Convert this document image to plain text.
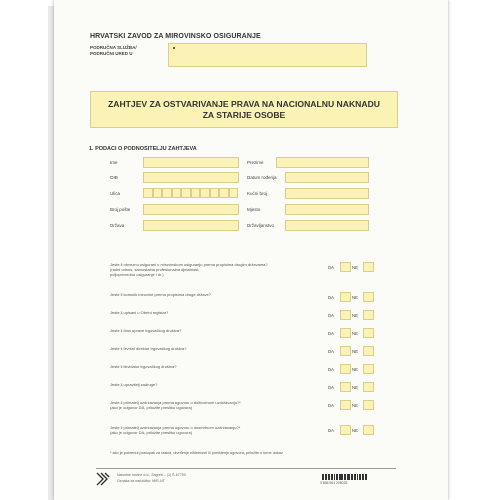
HRVATSKI ZAVOD ZA MIROVINSKO OSIGURANJE
PODRUČNA SLUŽBA/
PODRUČNI URED U
ZAHTJEV ZA OSTVARIVANJE PRAVA NA NACIONALNU NAKNADU
ZA STARIJE OSOBE
1. PODACI O PODNOSITELJU ZAHTJEVA
Ime	Prezime
OIB	Datum rođenja
Ulica	Kućni broj
Broj pošte	Mjesto
Država	Državljanstvo
Jeste li obvezno osigurani u mirovinskom osiguranju prema propisima drugim državama?
(radni odnos, samostalna profesionalna djelatnost,
poljoprivredno osiguranje i dr.)
DA	NE
Jeste li korisnik mirovine prema propisima druge države?
DA	NE
Jeste li upisani u Obrtni registar?
DA	NE
Jeste li član uprave trgovačkog društva?
DA	NE
Jeste li izvršni direktor trgovačkog društva?
DA	NE
Jeste li likvidator trgovačkog društva?
DA	NE
Jeste li upravitelj zadruge?
DA	NE
Jeste li primatelj uzdržavanja prema ugovoru o doživotnom uzdržavanju?*
(ako je odgovor DA, priložite presliku ugovora)	DA	NE
Jeste li primatelj uzdržavanja prema ugovoru o dosmrtnom uzdržavanju?*
(ako je odgovor DA, priložite presliku ugovora)	DA	NE
* ako je pokrenut postupak za raskid, utvrđenje ništetnosti ili poništenje ugovora, priložite o tome dokaz
Narodne novine d.d., Zagreb – (1) Š-67750
Oznaka za narudžbu: MIR-NT	3 856 961 208025
